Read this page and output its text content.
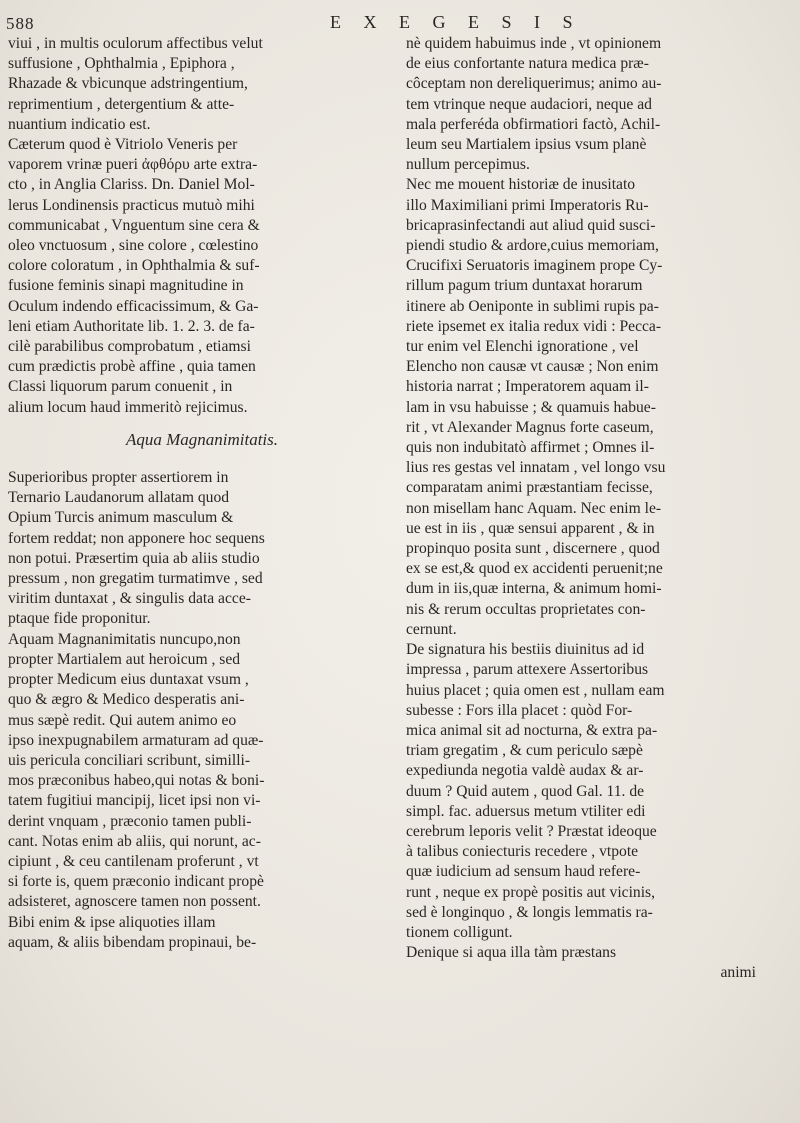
588	E X E G E S I S

viui , in multis oculorum affectibus velut

suffusione , Ophthalmia , Epiphora ,

Rhazade & vbicunque adstringentium,

reprimentium , detergentium & atte-

nuantium indicatio est.

Cæterum quod è Vitriolo Veneris per

vaporem vrinæ pueri ἀφθόρυ arte extra-

cto , in Anglia Clariss. Dn. Daniel Mol-

lerus Londinensis practicus mutuò mihi

communicabat , Vnguentum sine cera &

oleo vnctuosum , sine colore , cœlestino

colore coloratum , in Ophthalmia & suf-

fusione feminis sinapi magnitudine in

Oculum indendo efficacissimum, & Ga-

leni etiam Authoritate lib. 1. 2. 3. de fa-

cilè parabilibus comprobatum , etiamsi

cum prædictis probè affine , quia tamen

Classi liquorum parum conuenit , in

alium locum haud immeritò rejicimus.

Aqua Magnanimitatis.

Superioribus propter assertiorem in

Ternario Laudanorum allatam quod

Opium Turcis animum masculum &

fortem reddat; non apponere hoc sequens

non potui. Præsertim quia ab aliis studio

pressum , non gregatim turmatimve , sed

viritim duntaxat , & singulis data acce-

ptaque fide proponitur.

Aquam Magnanimitatis nuncupo,non

propter Martialem aut heroicum , sed

propter Medicum eius duntaxat vsum ,

quo & ægro & Medico desperatis ani-

mus sæpè redit. Qui autem animo eo

ipso inexpugnabilem armaturam ad quæ-

uis pericula conciliari scribunt, similli-

mos præconibus habeo,qui notas & boni-

tatem fugitiui mancipij, licet ipsi non vi-

derint vnquam , præconio tamen publi-

cant. Notas enim ab aliis, qui norunt, ac-

cipiunt , & ceu cantilenam proferunt , vt

si forte is, quem præconio indicant propè

adsisteret, agnoscere tamen non possent.

Bibi enim & ipse aliquoties illam

aquam, & aliis bibendam propinaui, be-

nè quidem habuimus inde , vt opinionem

de eius confortante natura medica præ-

côceptam non dereliquerimus; animo au-

tem vtrinque neque audaciori, neque ad

mala perferéda obfirmatiori factò, Achil-

leum seu Martialem ipsius vsum planè

nullum percepimus.

Nec me mouent historiæ de inusitato

illo Maximiliani primi Imperatoris Ru-

bricaprasinfectandi aut aliud quid susci-

piendi studio & ardore,cuius memoriam,

Crucifixi Seruatoris imaginem prope Cy-

rillum pagum trium duntaxat horarum

itinere ab Oeniponte in sublimi rupis pa-

riete ipsemet ex italia redux vidi : Pecca-

tur enim vel Elenchi ignoratione , vel

Elencho non causæ vt causæ ; Non enim

historia narrat ; Imperatorem aquam il-

lam in vsu habuisse ; & quamuis habue-

rit , vt Alexander Magnus forte caseum,

quis non indubitatò affirmet ; Omnes il-

lius res gestas vel innatam , vel longo vsu

comparatam animi præstantiam fecisse,

non misellam hanc Aquam. Nec enim le-

ue est in iis , quæ sensui apparent , & in

propinquo posita sunt , discernere , quod

ex se est,& quod ex accidenti peruenit;ne

dum in iis,quæ interna, & animum homi-

nis & rerum occultas proprietates con-

cernunt.

De signatura his bestiis diuinitus ad id

impressa , parum attexere Assertoribus

huius placet ; quia omen est , nullam eam

subesse : Fors illa placet : quòd For-

mica animal sit ad nocturna, & extra pa-

triam gregatim , & cum periculo sæpè

expediunda negotia valdè audax & ar-

duum ? Quid autem , quod Gal. 11. de

simpl. fac. aduersus metum vtiliter edi

cerebrum leporis velit ? Præstat ideoque

à talibus coniecturis recedere , vtpote

quæ iudicium ad sensum haud refere-

runt , neque ex propè positis aut vicinis,

sed è longinquo , & longis lemmatis ra-

tionem colligunt.

Denique si aqua illa tàm præstans

animi
